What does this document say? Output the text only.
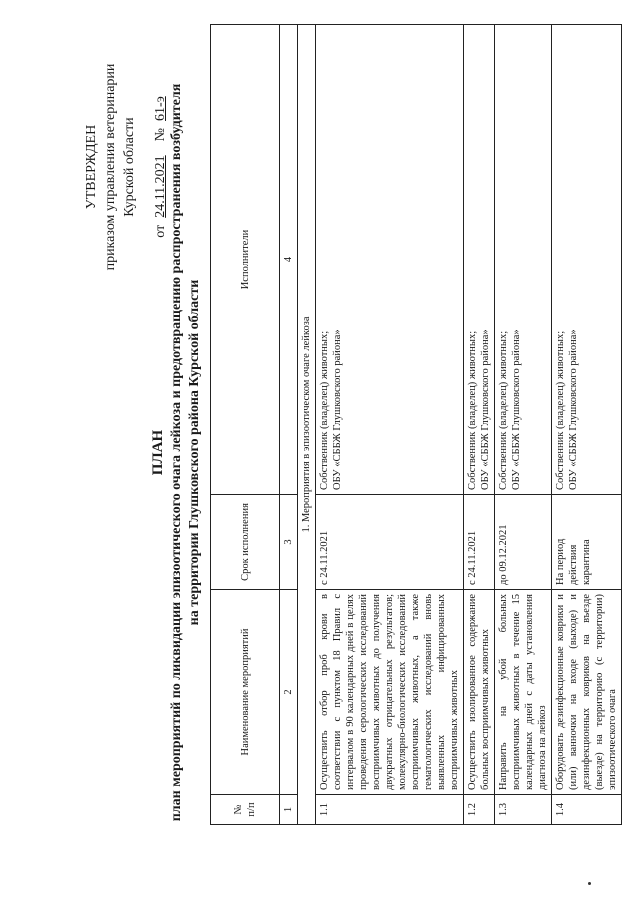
УТВЕРЖДЕН приказом управления ветеринарии Курской области
от  24.11.2021    №  61-э
ПЛАН план мероприятий по ликвидации эпизоотического очага лейкоза и предотвращению распространения возбудителя на территории Глушковского района Курской области
№ п/п	Наименование мероприятий	Срок исполнения	Исполнители
1	2	3	4
1. Мероприятия в эпизоотическом очаге лейкоза			
1.1	Осуществить отбор проб крови в соответствии с пунктом 18 Правил с интервалом в 90 календарных дней в целях проведения серологических исследований восприимчивых животных до получения двукратных отрицательных результатов; молекулярно-биологических исследований восприимчивых животных, а также гематологических исследований вновь выявленных инфицированных восприимчивых животных	с 24.11.2021	Собственник (владелец) животных; ОБУ «СББЖ Глушковского района»

1.2	Осуществить изолированное содержание больных восприимчивых животных	с 24.11.2021	Собственник (владелец) животных; ОБУ «СББЖ Глушковского района»

1.3	Направить на убой больных восприимчивых животных в течение 15 календарных дней с даты установления диагноза на лейкоз	до 09.12.2021	Собственник (владелец) животных; ОБУ «СББЖ Глушковского района»

1.4	Оборудовать дезинфекционные коврики и (или) ванночки на входе (выходе) и дезинфекционных ковриков на въезде (выезде) на территорию (с территории) эпизоотического очага	На период действия карантина	Собственник (владелец) животных; ОБУ «СББЖ Глушковского района»
